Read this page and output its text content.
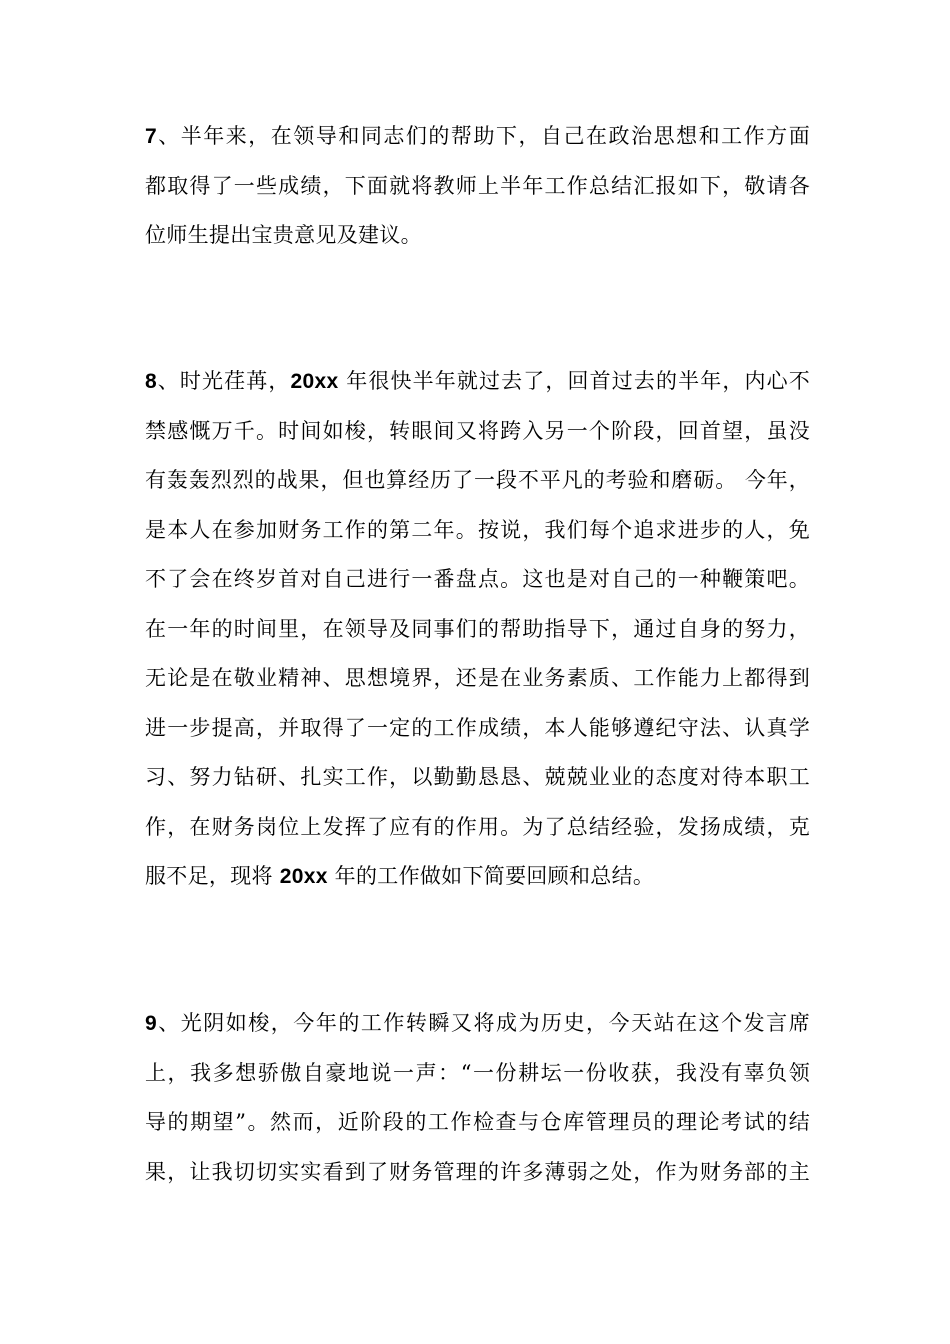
7、半年来，在领导和同志们的帮助下，自己在政治思想和工作方面
都取得了一些成绩，下面就将教师上半年工作总结汇报如下，敬请各
位师生提出宝贵意见及建议。
8、时光荏苒，20xx 年很快半年就过去了，回首过去的半年，内心不
禁感慨万千。时间如梭，转眼间又将跨入另一个阶段，回首望，虽没
有轰轰烈烈的战果，但也算经历了一段不平凡的考验和磨砺。 今年，
是本人在参加财务工作的第二年。按说，我们每个追求进步的人，免
不了会在终岁首对自己进行一番盘点。这也是对自己的一种鞭策吧。
在一年的时间里，在领导及同事们的帮助指导下，通过自身的努力，
无论是在敬业精神、思想境界，还是在业务素质、工作能力上都得到
进一步提高，并取得了一定的工作成绩，本人能够遵纪守法、认真学
习、努力钻研、扎实工作，以勤勤恳恳、兢兢业业的态度对待本职工
作，在财务岗位上发挥了应有的作用。为了总结经验，发扬成绩，克
服不足，现将 20xx 年的工作做如下简要回顾和总结。
9、光阴如梭，今年的工作转瞬又将成为历史，今天站在这个发言席
上，我多想骄傲自豪地说一声：“一份耕坛一份收获，我没有辜负领
导的期望”。然而，近阶段的工作检查与仓库管理员的理论考试的结
果，让我切切实实看到了财务管理的许多薄弱之处，作为财务部的主
